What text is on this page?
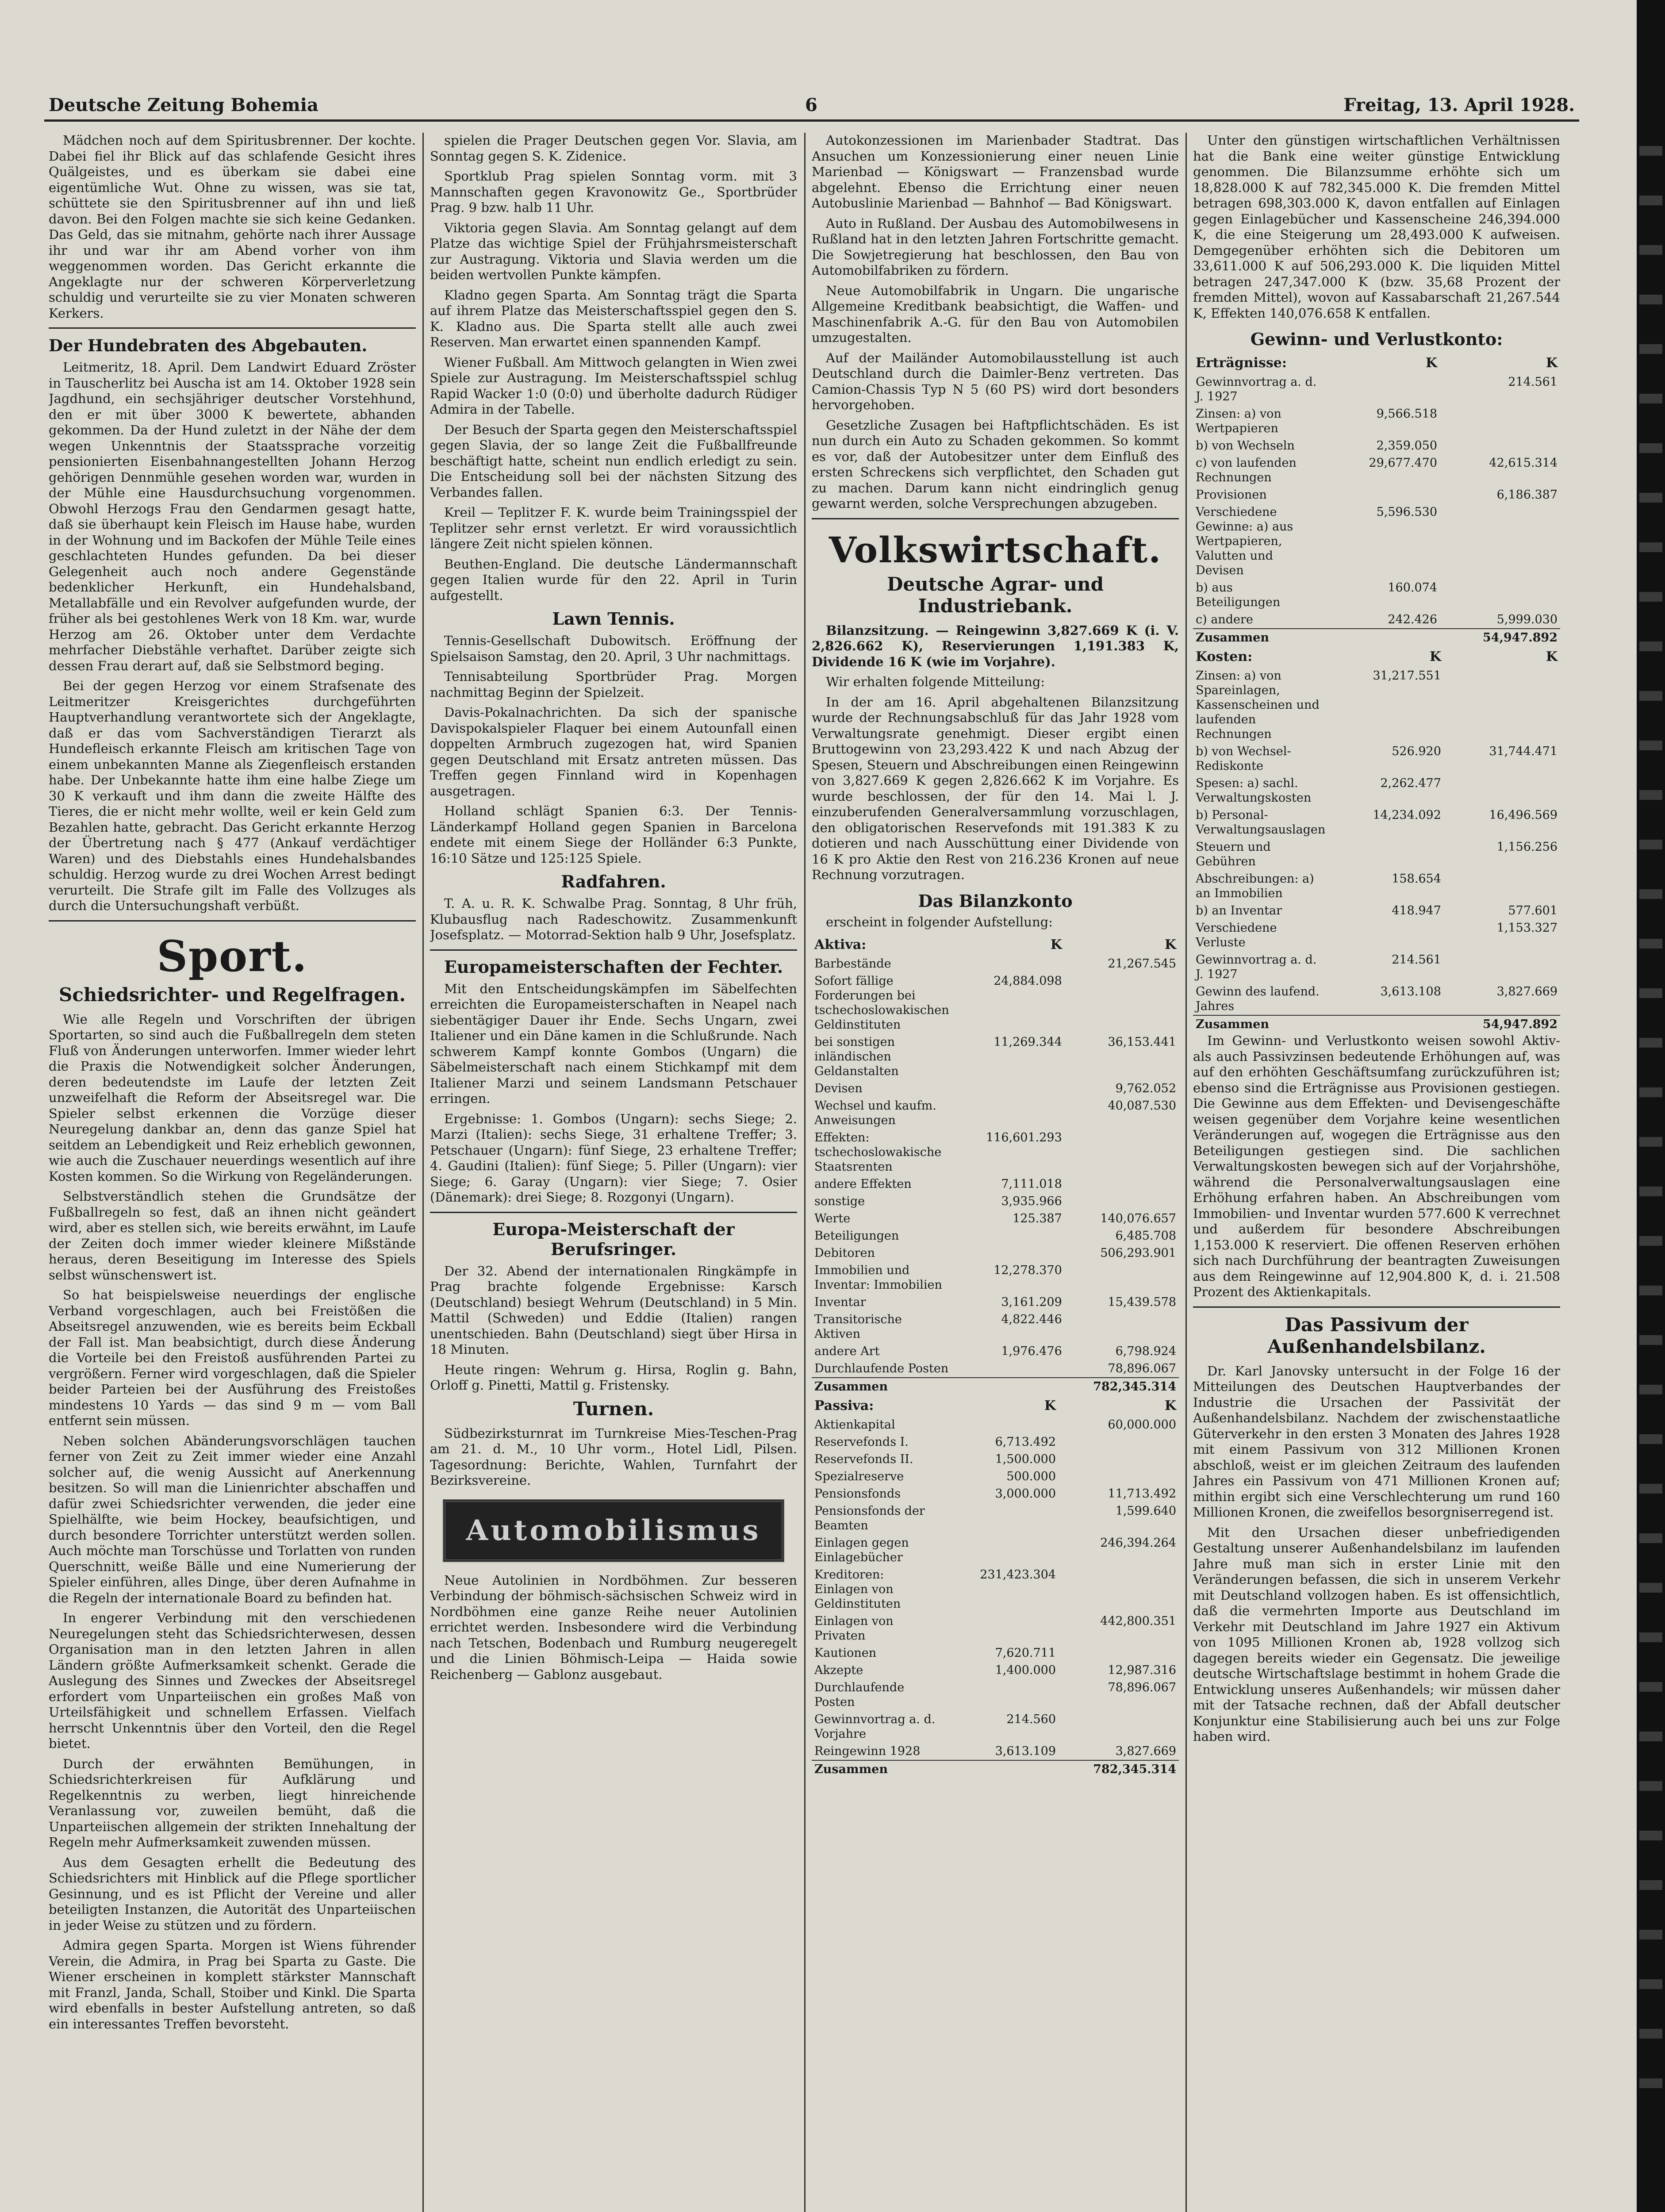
Deutsche Zeitung Bohemia	6	Freitag, 13. April 1928.

Mädchen noch auf dem Spiritusbrenner. Der kochte. Dabei fiel ihr Blick auf das schlafende Gesicht ihres Quälgeistes, und es überkam sie dabei eine eigentümliche Wut. Ohne zu wissen, was sie tat, schüttete sie den Spiritusbrenner auf ihn und ließ davon. Bei den Folgen machte sie sich keine Gedanken. Das Geld, das sie mitnahm, gehörte nach ihrer Aussage ihr und war ihr am Abend vorher von ihm weggenommen worden. Das Gericht erkannte die Angeklagte nur der schweren Körperverletzung schuldig und verurteilte sie zu vier Monaten schweren Kerkers.

Der Hundebraten des Abgebauten.

Leitmeritz, 18. April. Dem Landwirt Eduard Zröster in Tauscherlitz bei Auscha ist am 14. Oktober 1928 sein Jagdhund, ein sechsjähriger deutscher Vorstehhund, den er mit über 3000 K bewertete, abhanden gekommen. Da der Hund zuletzt in der Nähe der dem wegen Unkenntnis der Staatssprache vorzeitig pensionierten Eisenbahnangestellten Johann Herzog gehörigen Dennmühle gesehen worden war, wurden in der Mühle eine Hausdurchsuchung vorgenommen. Obwohl Herzogs Frau den Gendarmen gesagt hatte, daß sie überhaupt kein Fleisch im Hause habe, wurden in der Wohnung und im Backofen der Mühle Teile eines geschlachteten Hundes gefunden. Da bei dieser Gelegenheit auch noch andere Gegenstände bedenklicher Herkunft, ein Hundehalsband, Metallabfälle und ein Revolver aufgefunden wurde, der früher als bei gestohlenes Werk von 18 Km. war, wurde Herzog am 26. Oktober unter dem Verdachte mehrfacher Diebstähle verhaftet. Darüber zeigte sich dessen Frau derart auf, daß sie Selbstmord beging.

Bei der gegen Herzog vor einem Strafsenate des Leitmeritzer Kreisgerichtes durchgeführten Hauptverhandlung verantwortete sich der Angeklagte, daß er das vom Sachverständigen Tierarzt als Hundefleisch erkannte Fleisch am kritischen Tage von einem unbekannten Manne als Ziegenfleisch erstanden habe. Der Unbekannte hatte ihm eine halbe Ziege um 30 K verkauft und ihm dann die zweite Hälfte des Tieres, die er nicht mehr wollte, weil er kein Geld zum Bezahlen hatte, gebracht. Das Gericht erkannte Herzog der Übertretung nach § 477 (Ankauf verdächtiger Waren) und des Diebstahls eines Hundehalsbandes schuldig. Herzog wurde zu drei Wochen Arrest bedingt verurteilt. Die Strafe gilt im Falle des Vollzuges als durch die Untersuchungshaft verbüßt.

Sport.
Schiedsrichter- und Regelfragen.

Wie alle Regeln und Vorschriften der übrigen Sportarten, so sind auch die Fußballregeln dem steten Fluß von Änderungen unterworfen. Immer wieder lehrt die Praxis die Notwendigkeit solcher Änderungen, deren bedeutendste im Laufe der letzten Zeit unzweifelhaft die Reform der Abseitsregel war. Die Spieler selbst erkennen die Vorzüge dieser Neuregelung dankbar an, denn das ganze Spiel hat seitdem an Lebendigkeit und Reiz erheblich gewonnen, wie auch die Zuschauer neuerdings wesentlich auf ihre Kosten kommen. So die Wirkung von Regeländerungen.

Selbstverständlich stehen die Grundsätze der Fußballregeln so fest, daß an ihnen nicht geändert wird, aber es stellen sich, wie bereits erwähnt, im Laufe der Zeiten doch immer wieder kleinere Mißstände heraus, deren Beseitigung im Interesse des Spiels selbst wünschenswert ist.

So hat beispielsweise neuerdings der englische Verband vorgeschlagen, auch bei Freistößen die Abseitsregel anzuwenden, wie es bereits beim Eckball der Fall ist. Man beabsichtigt, durch diese Änderung die Vorteile bei den Freistoß ausführenden Partei zu vergrößern. Ferner wird vorgeschlagen, daß die Spieler beider Parteien bei der Ausführung des Freistoßes mindestens 10 Yards — das sind 9 m — vom Ball entfernt sein müssen.

Neben solchen Abänderungsvorschlägen tauchen ferner von Zeit zu Zeit immer wieder eine Anzahl solcher auf, die wenig Aussicht auf Anerkennung besitzen. So will man die Linienrichter abschaffen und dafür zwei Schiedsrichter verwenden, die jeder eine Spielhälfte, wie beim Hockey, beaufsichtigen, und durch besondere Torrichter unterstützt werden sollen. Auch möchte man Torschüsse und Torlatten von runden Querschnitt, weiße Bälle und eine Numerierung der Spieler einführen, alles Dinge, über deren Aufnahme in die Regeln der internationale Board zu befinden hat.

In engerer Verbindung mit den verschiedenen Neuregelungen steht das Schiedsrichterwesen, dessen Organisation man in den letzten Jahren in allen Ländern größte Aufmerksamkeit schenkt. Gerade die Auslegung des Sinnes und Zweckes der Abseitsregel erfordert vom Unparteiischen ein großes Maß von Urteilsfähigkeit und schnellem Erfassen. Vielfach herrscht Unkenntnis über den Vorteil, den die Regel bietet.

Durch der erwähnten Bemühungen, in Schiedsrichterkreisen für Aufklärung und Regelkenntnis zu werben, liegt hinreichende Veranlassung vor, zuweilen bemüht, daß die Unparteiischen allgemein der strikten Innehaltung der Regeln mehr Aufmerksamkeit zuwenden müssen.

Aus dem Gesagten erhellt die Bedeutung des Schiedsrichters mit Hinblick auf die Pflege sportlicher Gesinnung, und es ist Pflicht der Vereine und aller beteiligten Instanzen, die Autorität des Unparteiischen in jeder Weise zu stützen und zu fördern.

Admira gegen Sparta. Morgen ist Wiens führender Verein, die Admira, in Prag bei Sparta zu Gaste. Die Wiener erscheinen in komplett stärkster Mannschaft mit Franzl, Janda, Schall, Stoiber und Kinkl. Die Sparta wird ebenfalls in bester Aufstellung antreten, so daß ein interessantes Treffen bevorsteht.

spielen die Prager Deutschen gegen Vor. Slavia, am Sonntag gegen S. K. Zidenice.

Sportklub Prag spielen Sonntag vorm. mit 3 Mannschaften gegen Kravonowitz Ge., Sportbrüder Prag. 9 bzw. halb 11 Uhr.

Viktoria gegen Slavia. Am Sonntag gelangt auf dem Platze das wichtige Spiel der Frühjahrsmeisterschaft zur Austragung. Viktoria und Slavia werden um die beiden wertvollen Punkte kämpfen.

Kladno gegen Sparta. Am Sonntag trägt die Sparta auf ihrem Platze das Meisterschaftsspiel gegen den S. K. Kladno aus. Die Sparta stellt alle auch zwei Reserven. Man erwartet einen spannenden Kampf.

Wiener Fußball. Am Mittwoch gelangten in Wien zwei Spiele zur Austragung. Im Meisterschaftsspiel schlug Rapid Wacker 1:0 (0:0) und überholte dadurch Rüdiger Admira in der Tabelle.

Der Besuch der Sparta gegen den Meisterschaftsspiel gegen Slavia, der so lange Zeit die Fußballfreunde beschäftigt hatte, scheint nun endlich erledigt zu sein. Die Entscheidung soll bei der nächsten Sitzung des Verbandes fallen.

Kreil — Teplitzer F. K. wurde beim Trainingsspiel der Teplitzer sehr ernst verletzt. Er wird voraussichtlich längere Zeit nicht spielen können.

Beuthen-England. Die deutsche Ländermannschaft gegen Italien wurde für den 22. April in Turin aufgestellt.

Lawn Tennis.

Tennis-Gesellschaft Dubowitsch. Eröffnung der Spielsaison Samstag, den 20. April, 3 Uhr nachmittags.

Tennisabteilung Sportbrüder Prag. Morgen nachmittag Beginn der Spielzeit.

Davis-Pokalnachrichten. Da sich der spanische Davispokalspieler Flaquer bei einem Autounfall einen doppelten Armbruch zugezogen hat, wird Spanien gegen Deutschland mit Ersatz antreten müssen. Das Treffen gegen Finnland wird in Kopenhagen ausgetragen.

Holland schlägt Spanien 6:3. Der Tennis-Länderkampf Holland gegen Spanien in Barcelona endete mit einem Siege der Holländer 6:3 Punkte, 16:10 Sätze und 125:125 Spiele.

Radfahren.

T. A. u. R. K. Schwalbe Prag. Sonntag, 8 Uhr früh, Klubausflug nach Radeschowitz. Zusammenkunft Josefsplatz. — Motorrad-Sektion halb 9 Uhr, Josefsplatz.

Europameisterschaften der Fechter.

Mit den Entscheidungskämpfen im Säbelfechten erreichten die Europameisterschaften in Neapel nach siebentägiger Dauer ihr Ende. Sechs Ungarn, zwei Italiener und ein Däne kamen in die Schlußrunde. Nach schwerem Kampf konnte Gombos (Ungarn) die Säbelmeisterschaft nach einem Stichkampf mit dem Italiener Marzi und seinem Landsmann Petschauer erringen.

Ergebnisse: 1. Gombos (Ungarn): sechs Siege; 2. Marzi (Italien): sechs Siege, 31 erhaltene Treffer; 3. Petschauer (Ungarn): fünf Siege, 23 erhaltene Treffer; 4. Gaudini (Italien): fünf Siege; 5. Piller (Ungarn): vier Siege; 6. Garay (Ungarn): vier Siege; 7. Osier (Dänemark): drei Siege; 8. Rozgonyi (Ungarn).

Europa-Meisterschaft der Berufsringer.

Der 32. Abend der internationalen Ringkämpfe in Prag brachte folgende Ergebnisse: Karsch (Deutschland) besiegt Wehrum (Deutschland) in 5 Min. Mattil (Schweden) und Eddie (Italien) rangen unentschieden. Bahn (Deutschland) siegt über Hirsa in 18 Minuten.

Heute ringen: Wehrum g. Hirsa, Roglin g. Bahn, Orloff g. Pinetti, Mattil g. Fristensky.

Turnen.

Südbezirksturnrat im Turnkreise Mies-Teschen-Prag am 21. d. M., 10 Uhr vorm., Hotel Lidl, Pilsen. Tagesordnung: Berichte, Wahlen, Turnfahrt der Bezirksvereine.

Automobilismus

Neue Autolinien in Nordböhmen. Zur besseren Verbindung der böhmisch-sächsischen Schweiz wird in Nordböhmen eine ganze Reihe neuer Autolinien errichtet werden. Insbesondere wird die Verbindung nach Tetschen, Bodenbach und Rumburg neugeregelt und die Linien Böhmisch-Leipa — Haida sowie Reichenberg — Gablonz ausgebaut.

Autokonzessionen im Marienbader Stadtrat. Das Ansuchen um Konzessionierung einer neuen Linie Marienbad — Königswart — Franzensbad wurde abgelehnt. Ebenso die Errichtung einer neuen Autobuslinie Marienbad — Bahnhof — Bad Königswart.

Auto in Rußland. Der Ausbau des Automobilwesens in Rußland hat in den letzten Jahren Fortschritte gemacht. Die Sowjetregierung hat beschlossen, den Bau von Automobilfabriken zu fördern.

Neue Automobilfabrik in Ungarn. Die ungarische Allgemeine Kreditbank beabsichtigt, die Waffen- und Maschinenfabrik A.-G. für den Bau von Automobilen umzugestalten.

Auf der Mailänder Automobilausstellung ist auch Deutschland durch die Daimler-Benz vertreten. Das Camion-Chassis Typ N 5 (60 PS) wird dort besonders hervorgehoben.

Gesetzliche Zusagen bei Haftpflichtschäden. Es ist nun durch ein Auto zu Schaden gekommen. So kommt es vor, daß der Autobesitzer unter dem Einfluß des ersten Schreckens sich verpflichtet, den Schaden gut zu machen. Darum kann nicht eindringlich genug gewarnt werden, solche Versprechungen abzugeben.

Volkswirtschaft.
Deutsche Agrar- und Industriebank.

Bilanzsitzung. — Reingewinn 3,827.669 K (i. V. 2,826.662 K), Reservierungen 1,191.383 K, Dividende 16 K (wie im Vorjahre).

Wir erhalten folgende Mitteilung:

In der am 16. April abgehaltenen Bilanzsitzung wurde der Rechnungsabschluß für das Jahr 1928 vom Verwaltungsrate genehmigt. Dieser ergibt einen Bruttogewinn von 23,293.422 K und nach Abzug der Spesen, Steuern und Abschreibungen einen Reingewinn von 3,827.669 K gegen 2,826.662 K im Vorjahre. Es wurde beschlossen, der für den 14. Mai l. J. einzuberufenden Generalversammlung vorzuschlagen, den obligatorischen Reservefonds mit 191.383 K zu dotieren und nach Ausschüttung einer Dividende von 16 K pro Aktie den Rest von 216.236 Kronen auf neue Rechnung vorzutragen.

Das Bilanzkonto

erscheint in folgender Aufstellung:

Aktiva:	K	K
Barbestände		21,267.545
Sofort fällige Forderungen bei tschechoslowakischen Geldinstituten	24,884.098	
bei sonstigen inländischen Geldanstalten	11,269.344	36,153.441
Devisen		9,762.052
Wechsel und kaufm. Anweisungen		40,087.530
Effekten: tschechoslowakische Staatsrenten	116,601.293	
andere Effekten	7,111.018	
sonstige	3,935.966	
Werte	125.387	140,076.657
Beteiligungen		6,485.708
Debitoren		506,293.901
Immobilien und Inventar: Immobilien	12,278.370	
Inventar	3,161.209	15,439.578
Transitorische Aktiven	4,822.446	
andere Art	1,976.476	6,798.924
Durchlaufende Posten		78,896.067
Zusammen		782,345.314
Passiva:	K	K
Aktienkapital		60,000.000
Reservefonds I.	6,713.492	
Reservefonds II.	1,500.000	
Spezialreserve	500.000	
Pensionsfonds	3,000.000	11,713.492
Pensionsfonds der Beamten		1,599.640
Einlagen gegen Einlagebücher		246,394.264
Kreditoren: Einlagen von Geldinstituten	231,423.304	
Einlagen von Privaten		442,800.351
Kautionen	7,620.711	
Akzepte	1,400.000	12,987.316
Durchlaufende Posten		78,896.067
Gewinnvortrag a. d. Vorjahre	214.560	
Reingewinn 1928	3,613.109	3,827.669
Zusammen		782,345.314

Unter den günstigen wirtschaftlichen Verhältnissen hat die Bank eine weiter günstige Entwicklung genommen. Die Bilanzsumme erhöhte sich um 18,828.000 K auf 782,345.000 K. Die fremden Mittel betragen 698,303.000 K, davon entfallen auf Einlagen gegen Einlagebücher und Kassenscheine 246,394.000 K, die eine Steigerung um 28,493.000 K aufweisen. Demgegenüber erhöhten sich die Debitoren um 33,611.000 K auf 506,293.000 K. Die liquiden Mittel betragen 247,347.000 K (bzw. 35,68 Prozent der fremden Mittel), wovon auf Kassabarschaft 21,267.544 K, Effekten 140,076.658 K entfallen.

Gewinn- und Verlustkonto:
Erträgnisse:	K	K
Gewinnvortrag a. d. J. 1927		214.561
Zinsen: a) von Wertpapieren	9,566.518	
b) von Wechseln	2,359.050	
c) von laufenden Rechnungen	29,677.470	42,615.314
Provisionen		6,186.387
Verschiedene Gewinne: a) aus Wertpapieren, Valutten und Devisen	5,596.530	
b) aus Beteiligungen	160.074	
c) andere	242.426	5,999.030
Zusammen		54,947.892
Kosten:	K	K
Zinsen: a) von Spareinlagen, Kassenscheinen und laufenden Rechnungen	31,217.551	
b) von Wechsel-Rediskonte	526.920	31,744.471
Spesen: a) sachl. Verwaltungskosten	2,262.477	
b) Personal-Verwaltungsauslagen	14,234.092	16,496.569
Steuern und Gebühren		1,156.256
Abschreibungen: a) an Immobilien	158.654	
b) an Inventar	418.947	577.601
Verschiedene Verluste		1,153.327
Gewinnvortrag a. d. J. 1927	214.561	
Gewinn des laufend. Jahres	3,613.108	3,827.669
Zusammen		54,947.892

Im Gewinn- und Verlustkonto weisen sowohl Aktiv- als auch Passivzinsen bedeutende Erhöhungen auf, was auf den erhöhten Geschäftsumfang zurückzuführen ist; ebenso sind die Erträgnisse aus Provisionen gestiegen. Die Gewinne aus dem Effekten- und Devisengeschäfte weisen gegenüber dem Vorjahre keine wesentlichen Veränderungen auf, wogegen die Erträgnisse aus den Beteiligungen gestiegen sind. Die sachlichen Verwaltungskosten bewegen sich auf der Vorjahrshöhe, während die Personalverwaltungsauslagen eine Erhöhung erfahren haben. An Abschreibungen vom Immobilien- und Inventar wurden 577.600 K verrechnet und außerdem für besondere Abschreibungen 1,153.000 K reserviert. Die offenen Reserven erhöhen sich nach Durchführung der beantragten Zuweisungen aus dem Reingewinne auf 12,904.800 K, d. i. 21.508 Prozent des Aktienkapitals.

Das Passivum der Außenhandelsbilanz.

Dr. Karl Janovsky untersucht in der Folge 16 der Mitteilungen des Deutschen Hauptverbandes der Industrie die Ursachen der Passivität der Außenhandelsbilanz. Nachdem der zwischenstaatliche Güterverkehr in den ersten 3 Monaten des Jahres 1928 mit einem Passivum von 312 Millionen Kronen abschloß, weist er im gleichen Zeitraum des laufenden Jahres ein Passivum von 471 Millionen Kronen auf; mithin ergibt sich eine Verschlechterung um rund 160 Millionen Kronen, die zweifellos besorgniserregend ist.

Mit den Ursachen dieser unbefriedigenden Gestaltung unserer Außenhandelsbilanz im laufenden Jahre muß man sich in erster Linie mit den Veränderungen befassen, die sich in unserem Verkehr mit Deutschland vollzogen haben. Es ist offensichtlich, daß die vermehrten Importe aus Deutschland im Verkehr mit Deutschland im Jahre 1927 ein Aktivum von 1095 Millionen Kronen ab, 1928 vollzog sich dagegen bereits wieder ein Gegensatz. Die jeweilige deutsche Wirtschaftslage bestimmt in hohem Grade die Entwicklung unseres Außenhandels; wir müssen daher mit der Tatsache rechnen, daß der Abfall deutscher Konjunktur eine Stabilisierung auch bei uns zur Folge haben wird.
